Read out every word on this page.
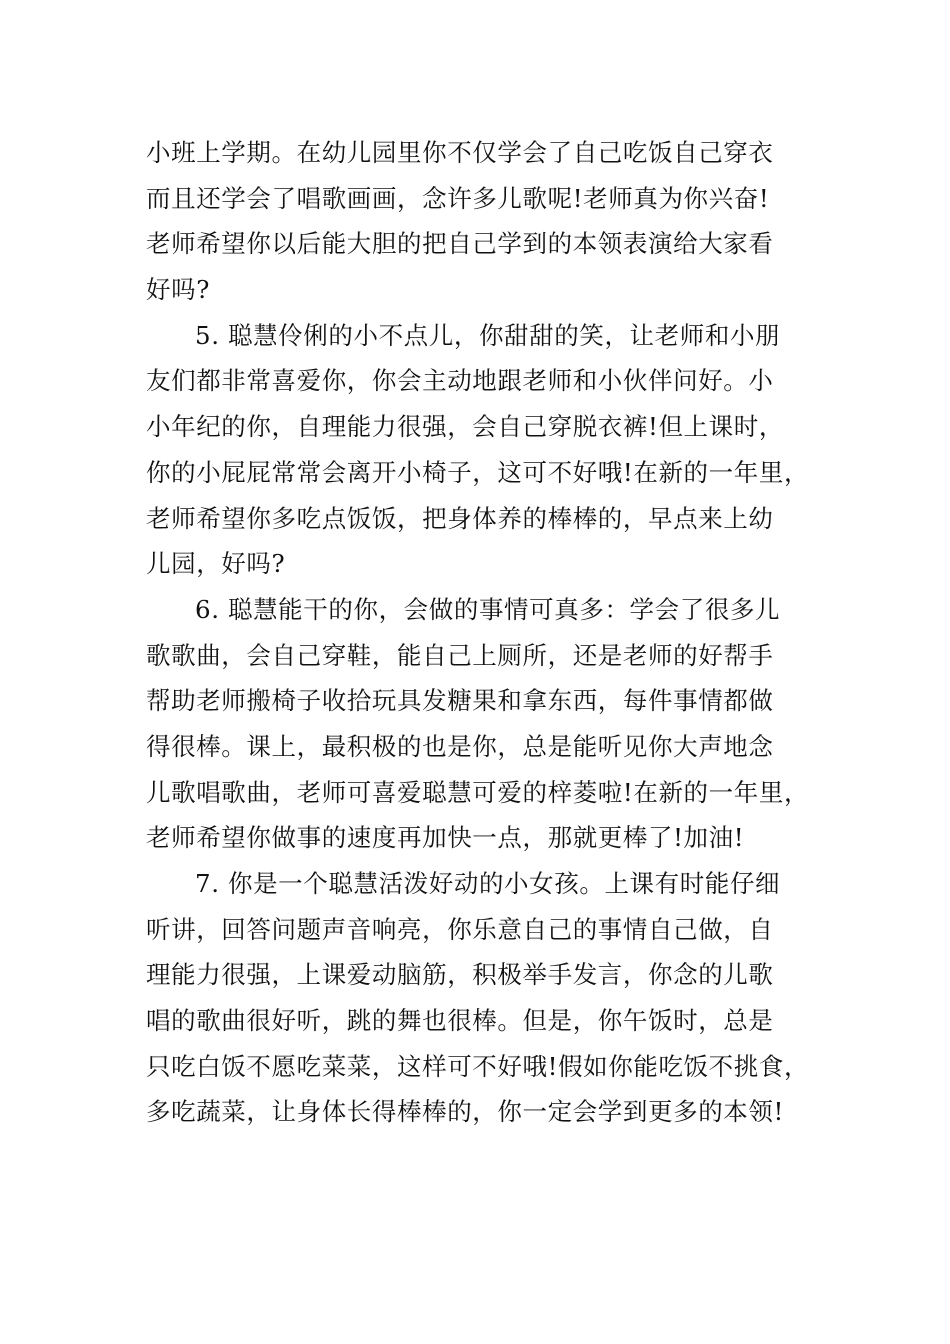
小班上学期。在幼儿园里你不仅学会了自己吃饭自己穿衣
而且还学会了唱歌画画，念许多儿歌呢!老师真为你兴奋!
老师希望你以后能大胆的把自己学到的本领表演给大家看
好吗?
5. 聪慧伶俐的小不点儿，你甜甜的笑，让老师和小朋
友们都非常喜爱你，你会主动地跟老师和小伙伴问好。小
小年纪的你，自理能力很强，会自己穿脱衣裤!但上课时，
你的小屁屁常常会离开小椅子，这可不好哦!在新的一年里，
老师希望你多吃点饭饭，把身体养的棒棒的，早点来上幼
儿园，好吗?
6. 聪慧能干的你，会做的事情可真多：学会了很多儿
歌歌曲，会自己穿鞋，能自己上厕所，还是老师的好帮手
帮助老师搬椅子收拾玩具发糖果和拿东西，每件事情都做
得很棒。课上，最积极的也是你，总是能听见你大声地念
儿歌唱歌曲，老师可喜爱聪慧可爱的梓菱啦!在新的一年里，
老师希望你做事的速度再加快一点，那就更棒了!加油!
7. 你是一个聪慧活泼好动的小女孩。上课有时能仔细
听讲，回答问题声音响亮，你乐意自己的事情自己做，自
理能力很强，上课爱动脑筋，积极举手发言，你念的儿歌
唱的歌曲很好听，跳的舞也很棒。但是，你午饭时，总是
只吃白饭不愿吃菜菜，这样可不好哦!假如你能吃饭不挑食，
多吃蔬菜，让身体长得棒棒的，你一定会学到更多的本领!
